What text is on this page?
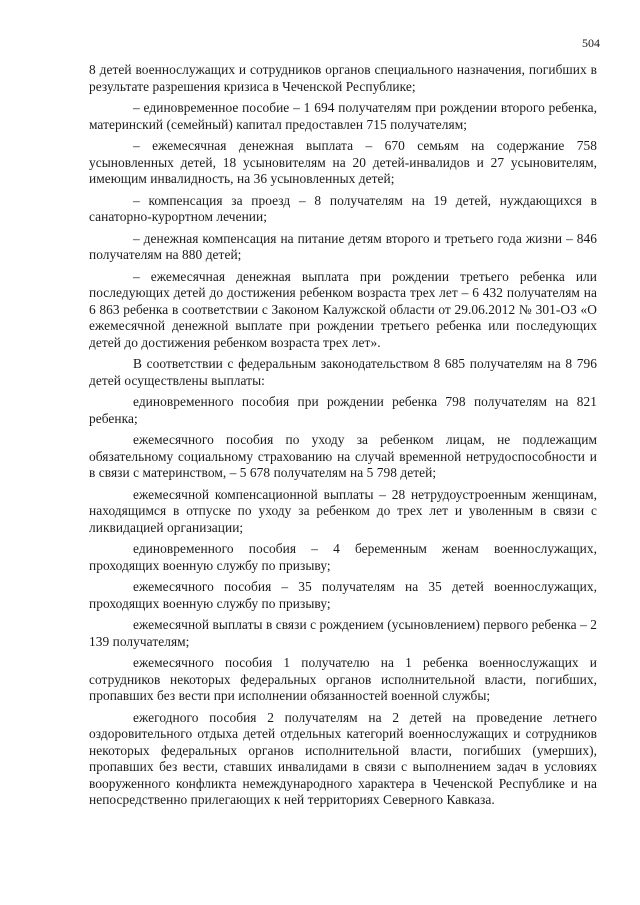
504

8 детей военнослужащих и сотрудников органов специального назначения, погибших в результате разрешения кризиса в Чеченской Республике;

– единовременное пособие – 1 694 получателям при рождении второго ребенка, материнский (семейный) капитал предоставлен 715 получателям;

– ежемесячная денежная выплата – 670 семьям на содержание 758 усыновленных детей, 18 усыновителям на 20 детей-инвалидов и 27 усыновителям, имеющим инвалидность, на 36 усыновленных детей;

– компенсация за проезд – 8 получателям на 19 детей, нуждающихся в санаторно-курортном лечении;

– денежная компенсация на питание детям второго и третьего года жизни – 846 получателям на 880 детей;

– ежемесячная денежная выплата при рождении третьего ребенка или последующих детей до достижения ребенком возраста трех лет – 6 432 получателям на 6 863 ребенка в соответствии с Законом Калужской области от 29.06.2012 № 301-ОЗ «О ежемесячной денежной выплате при рождении третьего ребенка или последующих детей до достижения ребенком возраста трех лет».

В соответствии с федеральным законодательством 8 685 получателям на 8 796 детей осуществлены выплаты:

единовременного пособия при рождении ребенка 798 получателям на 821 ребенка;

ежемесячного пособия по уходу за ребенком лицам, не подлежащим обязательному социальному страхованию на случай временной нетрудоспособности и в связи с материнством, – 5 678 получателям на 5 798 детей;

ежемесячной компенсационной выплаты – 28 нетрудоустроенным женщинам, находящимся в отпуске по уходу за ребенком до трех лет и уволенным в связи с ликвидацией организации;

единовременного пособия – 4 беременным женам военнослужащих, проходящих военную службу по призыву;

ежемесячного пособия – 35 получателям на 35 детей военнослужащих, проходящих военную службу по призыву;

ежемесячной выплаты в связи с рождением (усыновлением) первого ребенка – 2 139 получателям;

ежемесячного пособия 1 получателю на 1 ребенка военнослужащих и сотрудников некоторых федеральных органов исполнительной власти, погибших, пропавших без вести при исполнении обязанностей военной службы;

ежегодного пособия 2 получателям на 2 детей на проведение летнего оздоровительного отдыха детей отдельных категорий военнослужащих и сотрудников некоторых федеральных органов исполнительной власти, погибших (умерших), пропавших без вести, ставших инвалидами в связи с выполнением задач в условиях вооруженного конфликта немеждународного характера в Чеченской Республике и на непосредственно прилегающих к ней территориях Северного Кавказа.
